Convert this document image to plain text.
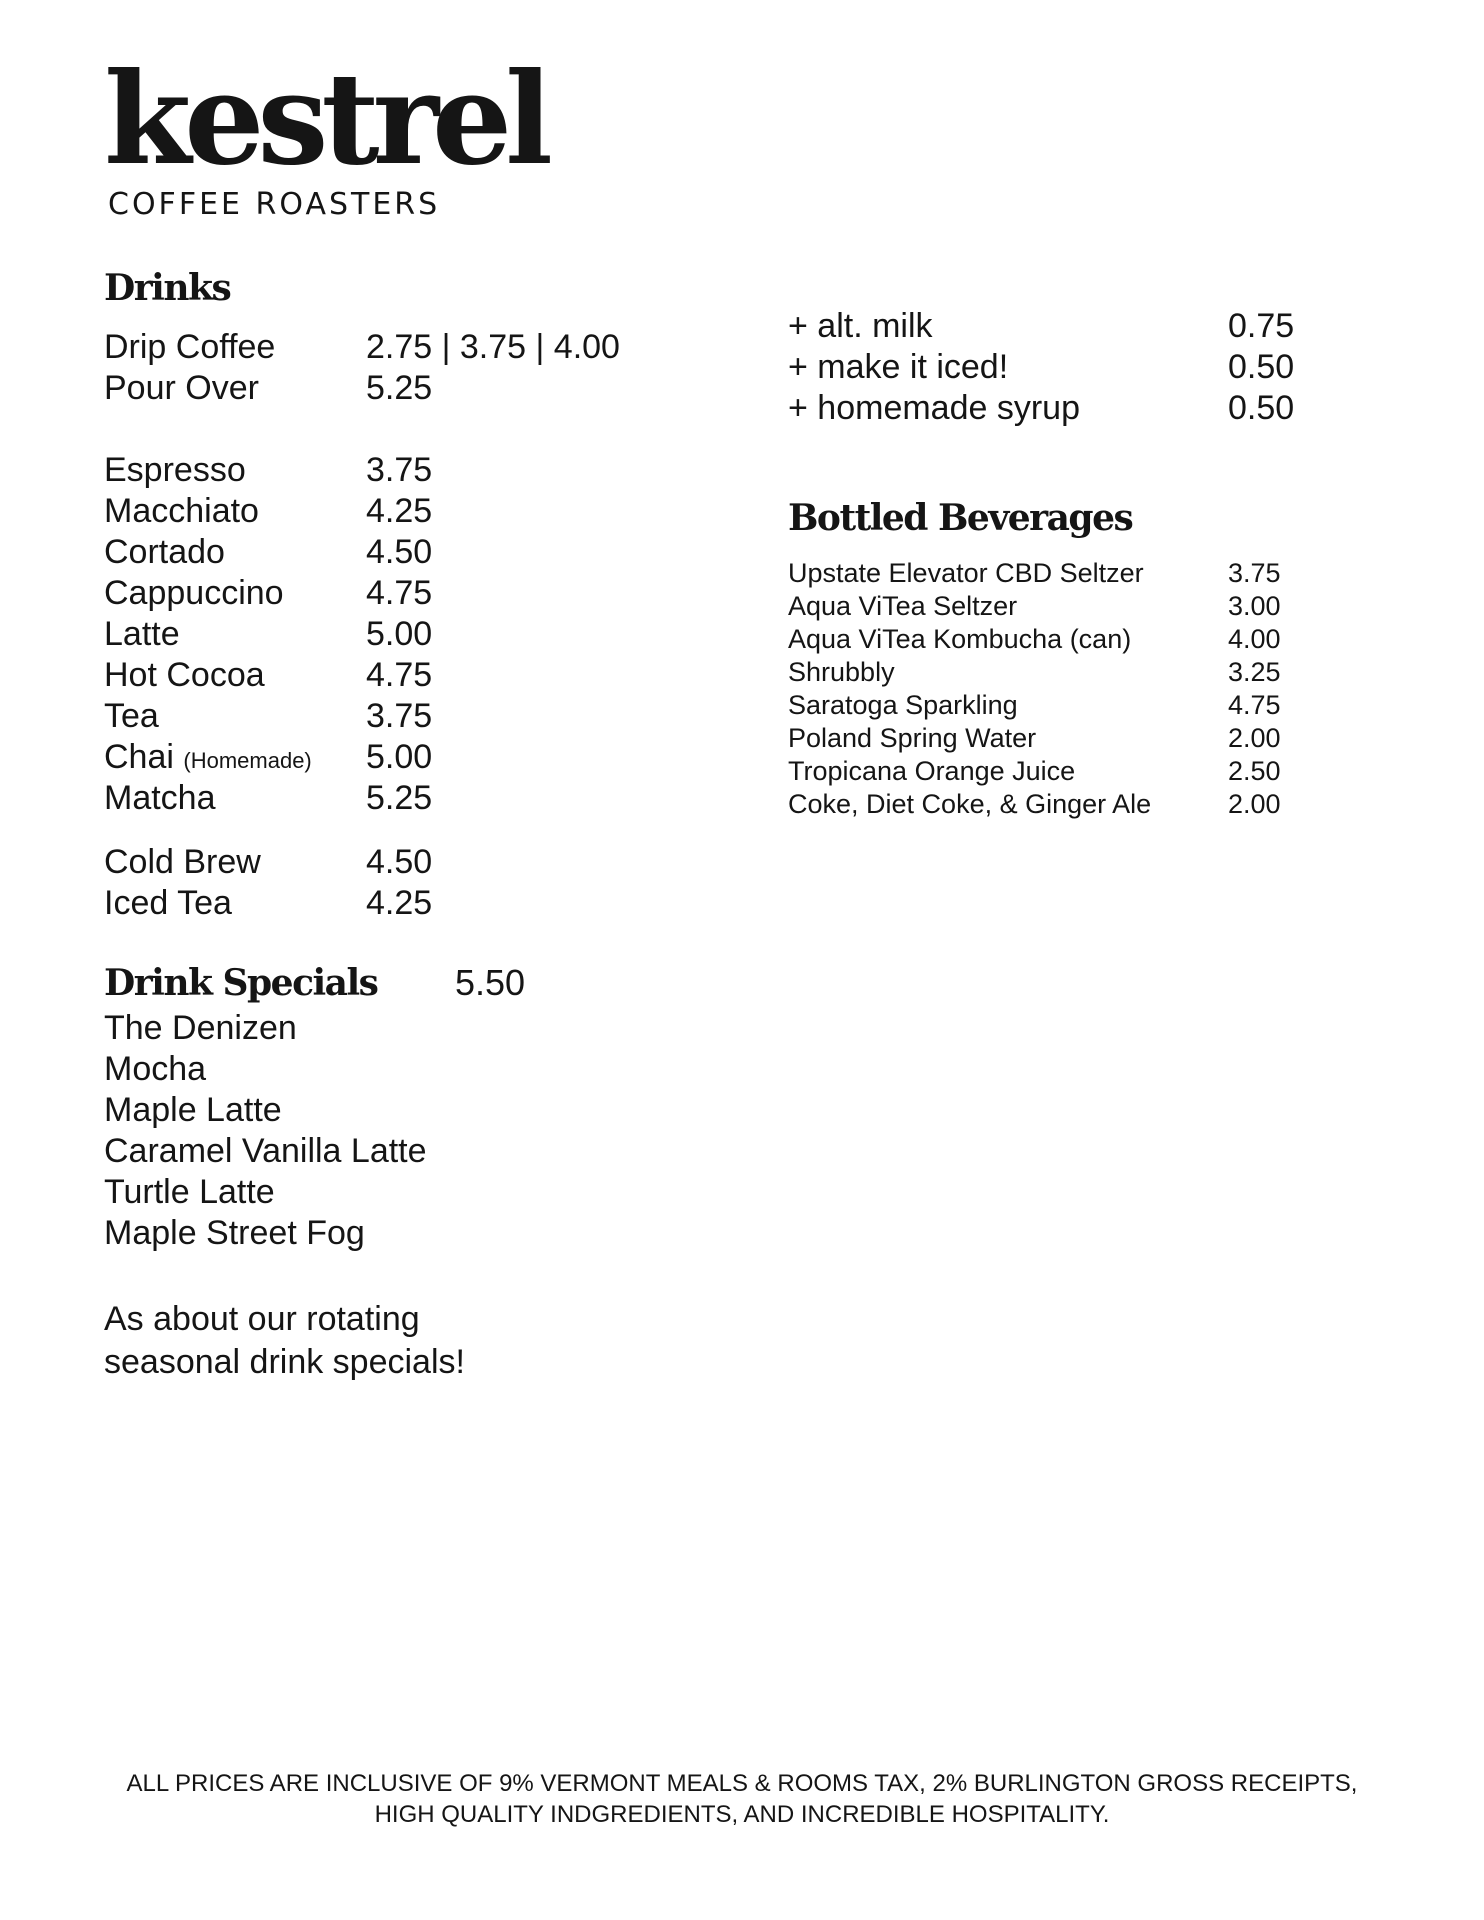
kestrel
COFFEE ROASTERS
Drinks
Drip Coffee	2.75 | 3.75 | 4.00
Pour Over	5.25
Espresso	3.75
Macchiato	4.25
Cortado	4.50
Cappuccino	4.75
Latte	5.00
Hot Cocoa	4.75
Tea	3.75
Chai (Homemade)	5.00
Matcha	5.25
Cold Brew	4.50
Iced Tea	4.25
Drink Specials 5.50
The Denizen
Mocha
Maple Latte
Caramel Vanilla Latte
Turtle Latte
Maple Street Fog
As about our rotating seasonal drink specials!
+ alt. milk	0.75
+ make it iced!	0.50
+ homemade syrup	0.50
Bottled Beverages
Upstate Elevator CBD Seltzer	3.75
Aqua ViTea Seltzer	3.00
Aqua ViTea Kombucha (can)	4.00
Shrubbly	3.25
Saratoga Sparkling	4.75
Poland Spring Water	2.00
Tropicana Orange Juice	2.50
Coke, Diet Coke, & Ginger Ale	2.00
ALL PRICES ARE INCLUSIVE OF 9% VERMONT MEALS & ROOMS TAX, 2% BURLINGTON GROSS RECEIPTS,
HIGH QUALITY INDGREDIENTS, AND INCREDIBLE HOSPITALITY.
